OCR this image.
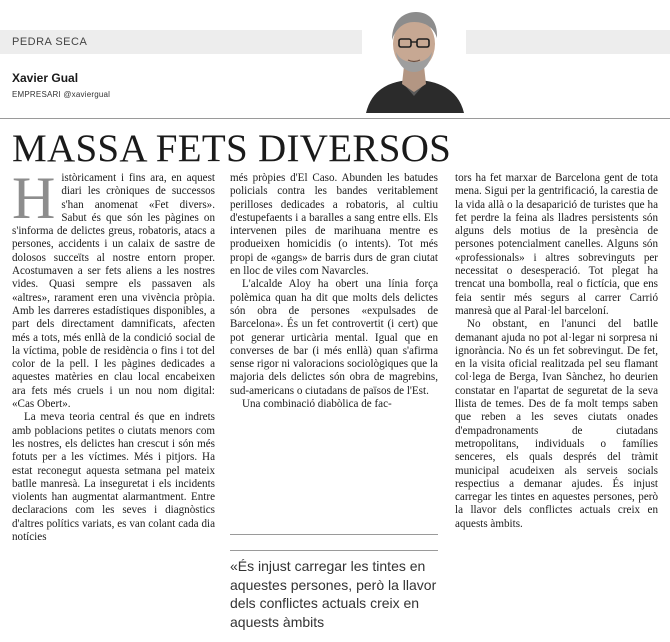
PEDRA SECA
Xavier Gual
EMPRESARI @xaviergual
MASSA FETS DIVERSOS

Històricament i fins ara, en aquest diari les cròniques de successos s'han anomenat «Fet divers». Sabut és que són les pàgines on s'informa de delictes greus, robatoris, atacs a persones, accidents i un calaix de sastre de dolosos succeïts al nostre entorn proper. Acostumaven a ser fets aliens a les nostres vides. Quasi sempre els passaven als «altres», rarament eren una vivència pròpia. Amb les darreres estadístiques disponibles, a part dels directament damnificats, afecten més a tots, més enllà de la condició social de la víctima, poble de residència o fins i tot del color de la pell. I les pàgines dedicades a aquestes matèries en clau local encabeixen ara fets més cruels i un nou nom digital: «Cas Obert».

La meva teoria central és que en indrets amb poblacions petites o ciutats menors com les nostres, els delictes han crescut i són més fotuts per a les víctimes. Més i pitjors. Ha estat reconegut aquesta setmana pel mateix batlle manresà. La inseguretat i els incidents violents han augmentat alarmantment. Entre declaracions com les seves i diagnòstics d'altres polítics variats, es van colant cada dia notícies

més pròpies d'El Caso. Abunden les batudes policials contra les bandes veritablement perilloses dedicades a robatoris, al cultiu d'estupefaents i a baralles a sang entre ells. Els intervenen piles de marihuana mentre es produeixen homicidis (o intents). Tot més propi de «gangs» de barris durs de gran ciutat en lloc de viles com Navarcles.

L'alcalde Aloy ha obert una línia força polèmica quan ha dit que molts dels delictes són obra de persones «expulsades de Barcelona». És un fet controvertit (i cert) que pot generar urticària mental. Igual que en converses de bar (i més enllà) quan s'afirma sense rigor ni valoracions sociològiques que la majoria dels delictes són obra de magrebins, sud-americans o ciutadans de països de l'Est.

Una combinació diabòlica de fac-

«És injust carregar les tintes en aquestes persones, però la llavor dels conflictes actuals creix en aquests àmbits

tors ha fet marxar de Barcelona gent de tota mena. Sigui per la gentrificació, la carestia de la vida allà o la desaparició de turistes que ha fet perdre la feina als lladres persistents són alguns dels motius de la presència de persones potencialment canelles. Alguns són «professionals» i altres sobrevinguts per necessitat o desesperació. Tot plegat ha trencat una bombolla, real o fictícia, que ens feia sentir més segurs al carrer Carrió manresà que al Paral·lel barceloní.

No obstant, en l'anunci del batlle demanant ajuda no pot al·legar ni sorpresa ni ignorància. No és un fet sobrevingut. De fet, en la visita oficial realitzada pel seu flamant col·lega de Berga, Ivan Sànchez, ho deurien constatar en l'apartat de seguretat de la seva llista de temes. Des de fa molt temps saben que reben a les seves ciutats onades d'empadronaments de ciutadans metropolitans, individuals o famílies senceres, els quals després del tràmit municipal acudeixen als serveis socials respectius a demanar ajudes. És injust carregar les tintes en aquestes persones, però la llavor dels conflictes actuals creix en aquests àmbits.
